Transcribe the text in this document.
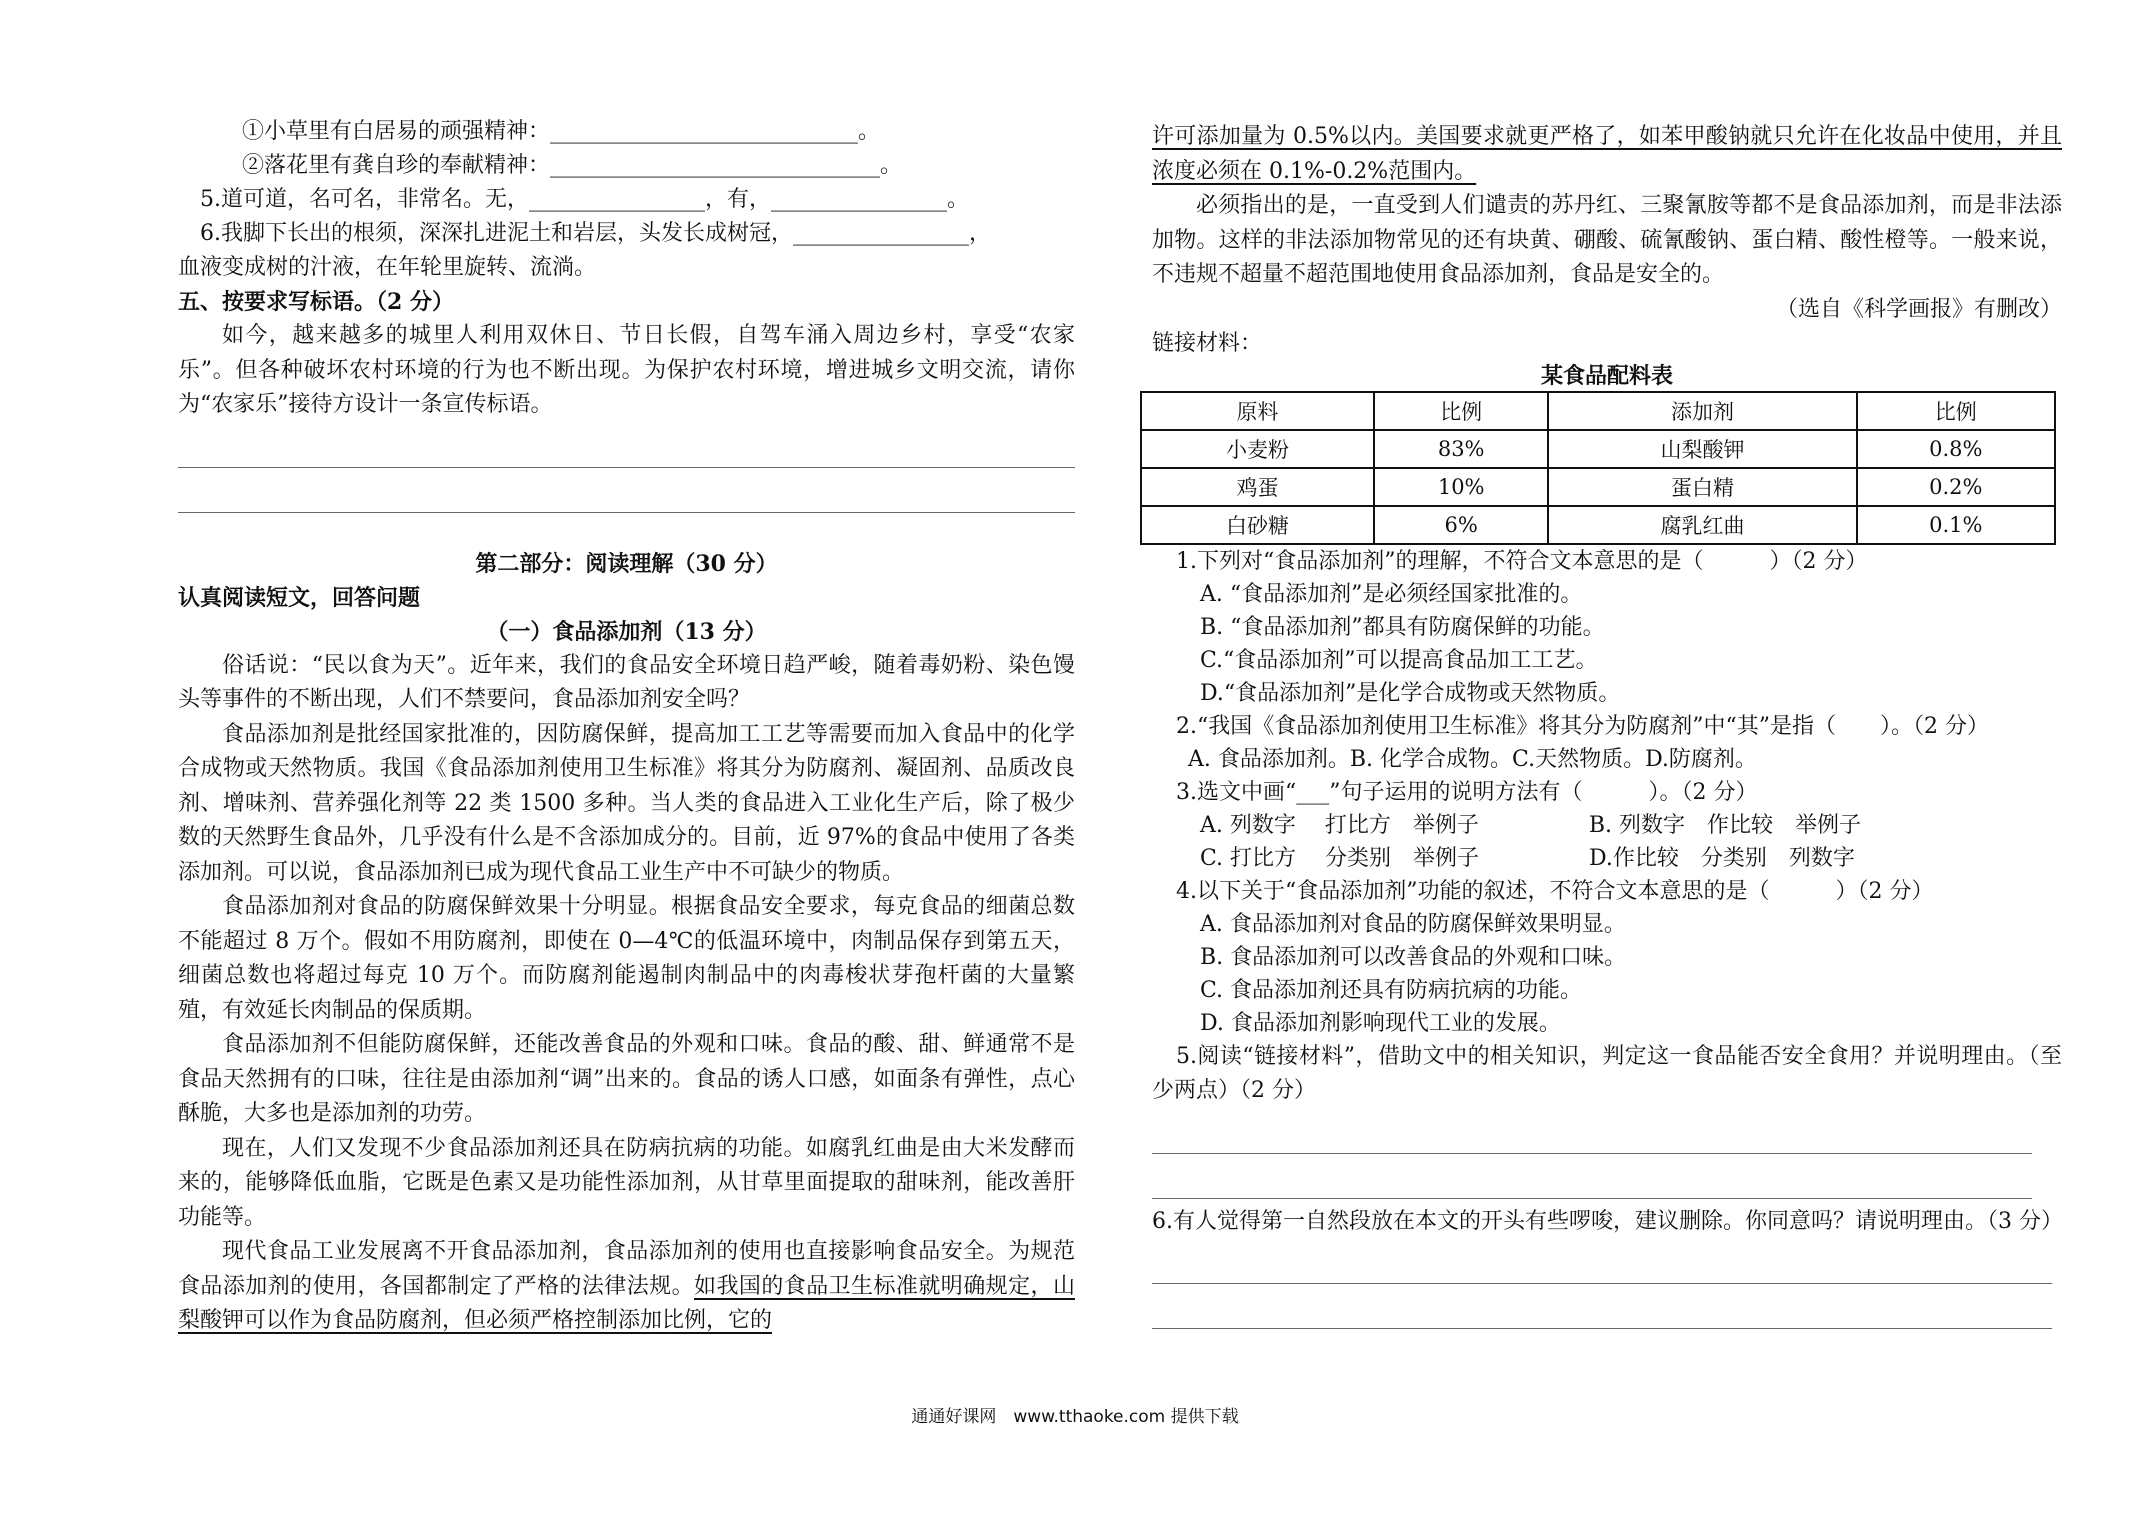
①小草里有白居易的顽强精神：____________________________。
②落花里有龚自珍的奉献精神：______________________________。
5.道可道，名可名，非常名。无，________________，有，________________。
6.我脚下长出的根须，深深扎进泥土和岩层，头发长成树冠，________________，
血液变成树的汁液，在年轮里旋转、流淌。
五、按要求写标语。（2 分）
如今，越来越多的城里人利用双休日、节日长假，自驾车涌入周边乡村，享受“农家乐”。但各种破坏农村环境的行为也不断出现。为保护农村环境，增进城乡文明交流，请你为“农家乐”接待方设计一条宣传标语。
第二部分：阅读理解（30 分）
认真阅读短文，回答问题
（一）食品添加剂（13 分）
俗话说：“民以食为天”。近年来，我们的食品安全环境日趋严峻，随着毒奶粉、染色馒头等事件的不断出现，人们不禁要问，食品添加剂安全吗？
食品添加剂是批经国家批准的，因防腐保鲜，提高加工工艺等需要而加入食品中的化学合成物或天然物质。我国《食品添加剂使用卫生标准》将其分为防腐剂、凝固剂、品质改良剂、增味剂、营养强化剂等 22 类 1500 多种。当人类的食品进入工业化生产后，除了极少数的天然野生食品外，几乎没有什么是不含添加成分的。目前，近 97%的食品中使用了各类添加剂。可以说，食品添加剂已成为现代食品工业生产中不可缺少的物质。
食品添加剂对食品的防腐保鲜效果十分明显。根据食品安全要求，每克食品的细菌总数不能超过 8 万个。假如不用防腐剂，即使在 0—4℃的低温环境中，肉制品保存到第五天，细菌总数也将超过每克 10 万个。而防腐剂能遏制肉制品中的肉毒梭状芽孢杆菌的大量繁殖，有效延长肉制品的保质期。
食品添加剂不但能防腐保鲜，还能改善食品的外观和口味。食品的酸、甜、鲜通常不是食品天然拥有的口味，往往是由添加剂“调”出来的。食品的诱人口感，如面条有弹性，点心酥脆，大多也是添加剂的功劳。
现在，人们又发现不少食品添加剂还具在防病抗病的功能。如腐乳红曲是由大米发酵而来的，能够降低血脂，它既是色素又是功能性添加剂，从甘草里面提取的甜味剂，能改善肝功能等。
现代食品工业发展离不开食品添加剂，食品添加剂的使用也直接影响食品安全。为规范食品添加剂的使用，各国都制定了严格的法律法规。如我国的食品卫生标准就明确规定，山梨酸钾可以作为食品防腐剂，但必须严格控制添加比例，它的
许可添加量为 0.5%以内。美国要求就更严格了，如苯甲酸钠就只允许在化妆品中使用，并且浓度必须在 0.1%-0.2%范围内。
必须指出的是，一直受到人们谴责的苏丹红、三聚氰胺等都不是食品添加剂，而是非法添加物。这样的非法添加物常见的还有块黄、硼酸、硫氰酸钠、蛋白精、酸性橙等。一般来说，不违规不超量不超范围地使用食品添加剂，食品是安全的。
（选自《科学画报》有删改）
链接材料：
某食品配料表
原料	比例	添加剂	比例
小麦粉	83%	山梨酸钾	0.8%
鸡蛋	10%	蛋白精	0.2%
白砂糖	6%	腐乳红曲	0.1%
1.下列对“食品添加剂”的理解，不符合文本意思的是（　　　）（2 分）
A. “食品添加剂”是必须经国家批准的。
B. “食品添加剂”都具有防腐保鲜的功能。
C.“食品添加剂”可以提高食品加工工艺。
D.“食品添加剂”是化学合成物或天然物质。
2.“我国《食品添加剂使用卫生标准》将其分为防腐剂”中“其”是指（　　）。（2 分）
A. 食品添加剂。B. 化学合成物。C.天然物质。D.防腐剂。
3.选文中画“___”句子运用的说明方法有（　　　）。（2 分）
A. 列数字　 打比方　举例子　　　　　B. 列数字　作比较　举例子
C. 打比方　 分类别　举例子　　　　　D.作比较　分类别　列数字
4.以下关于“食品添加剂”功能的叙述，不符合文本意思的是（　　　）（2 分）
A. 食品添加剂对食品的防腐保鲜效果明显。
B. 食品添加剂可以改善食品的外观和口味。
C. 食品添加剂还具有防病抗病的功能。
D. 食品添加剂影响现代工业的发展。
5.阅读“链接材料”，借助文中的相关知识，判定这一食品能否安全食用？并说明理由。（至少两点）（2 分）
6.有人觉得第一自然段放在本文的开头有些啰唆，建议删除。你同意吗？请说明理由。（3 分）
通通好课网　www.tthaoke.com 提供下载
